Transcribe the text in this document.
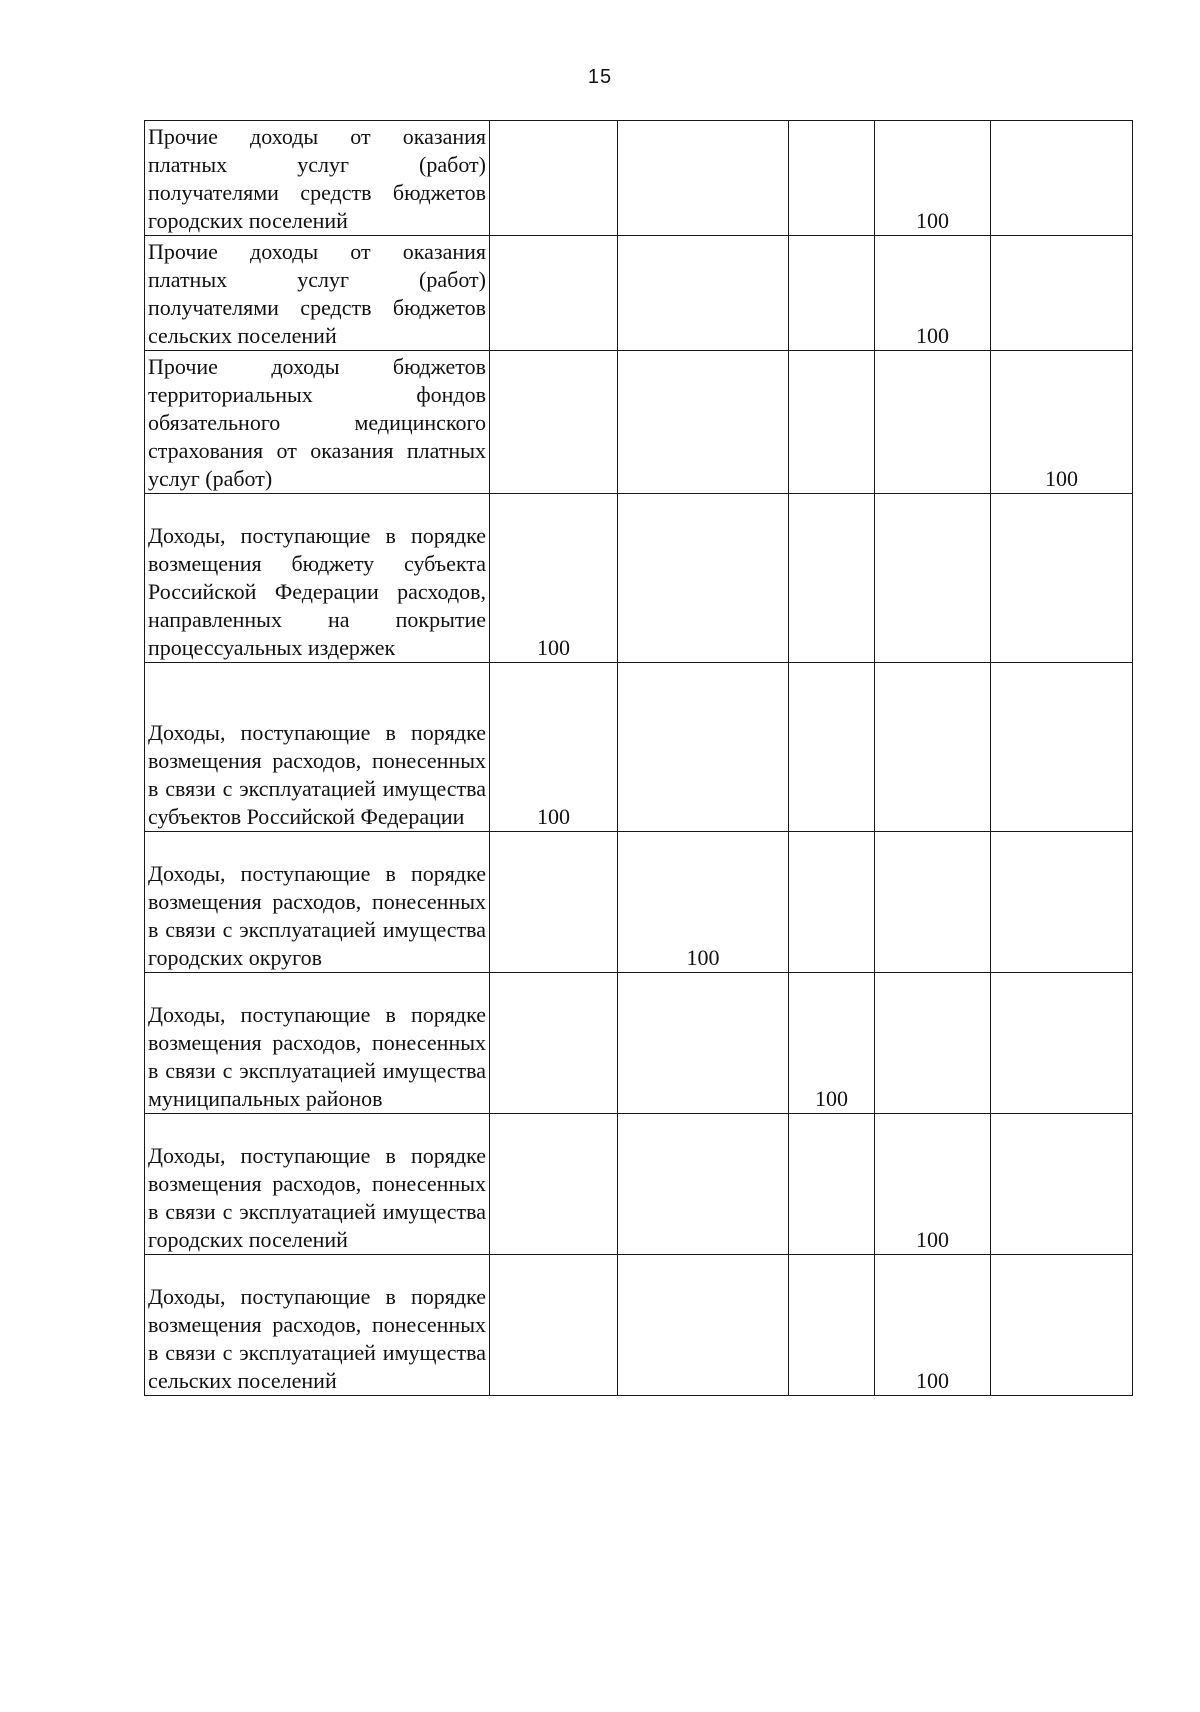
15
Прочие доходы от оказания платных услуг (работ) получателями средств бюджетов городских поселений				100	
Прочие доходы от оказания платных услуг (работ) получателями средств бюджетов сельских поселений				100	
Прочие доходы бюджетов территориальных фондов обязательного медицинского страхования от оказания платных услуг (работ)					100
Доходы, поступающие в порядке возмещения бюджету субъекта Российской Федерации расходов, направленных на покрытие процессуальных издержек	100				
Доходы, поступающие в порядке возмещения расходов, понесенных в связи с эксплуатацией имущества субъектов Российской Федерации	100				
Доходы, поступающие в порядке возмещения расходов, понесенных в связи с эксплуатацией имущества городских округов		100			
Доходы, поступающие в порядке возмещения расходов, понесенных в связи с эксплуатацией имущества муниципальных районов			100		
Доходы, поступающие в порядке возмещения расходов, понесенных в связи с эксплуатацией имущества городских поселений				100	
Доходы, поступающие в порядке возмещения расходов, понесенных в связи с эксплуатацией имущества сельских поселений				100	
